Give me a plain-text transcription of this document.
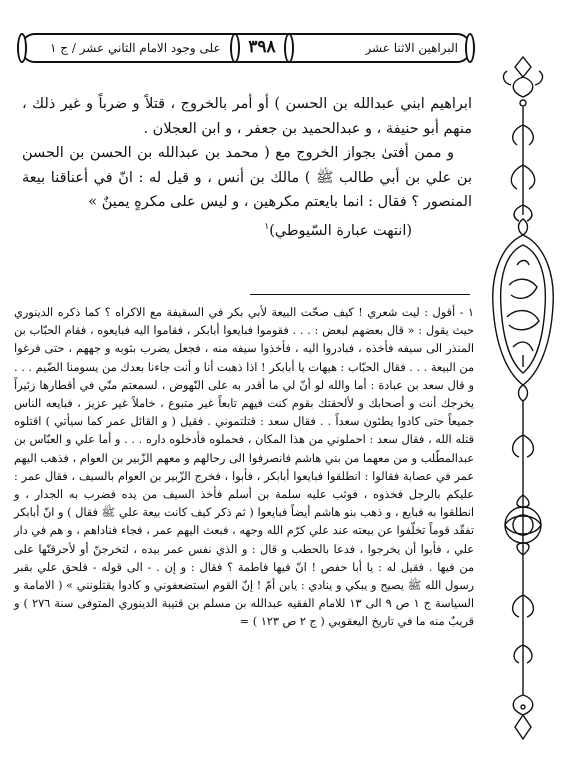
البراهين الاثنا عشر
٣٩٨
على وجود الامام الثاني عشر / ج ١

ابراهيم ابني عبدالله بن الحسن ) أو أمر بالخروج ، قتلاً و ضرباً و غير ذلك ، منهم أبو حنيفة ، و عبدالحميد بن جعفر ، و ابن العجلان .

و ممن أفتىٰ بجواز الخروج مع ( محمد بن عبدالله بن الحسن بن الحسن بن علي بن أبي طالب ﷺ ) مالك بن أنس ، و قيل له : انّ في أعناقنا بيعة المنصور ؟ فقال : انما بايعتم مكرهين ، و ليس على مكرهٍ يمينٌ »

(انتهت عبارة السّيوطي)$^١$

١ - أقول : ليت شعري ! كيف صحّت البيعة لأبي بكر في السقيفة مع الاكراه ؟ كما ذكره الدينوري حيث يقول : « قال بعضهم لبعض : . . . فقوموا فبايعوا أبابكر ، فقاموا اليه فبايعوه ، فقام الحبّاب بن المنذر الى سيفه فأخذه ، فبادروا اليه ، فأخذوا سيفه منه ، فجعل يضرب بثوبه و جههم ، حتى فرغوا من البيعة . . . فقال الحبّاب : هيهات يا أبابكر ! اذا ذهبت أنا و أنت جاءنا بعدك من يسومنا الضّيم . . . و قال سعد بن عبادة : أما والله لو أنّ لي ما أقدر به على النّهوض ، لسمعتم منّي في أقطارها زئيراً يخرجك أنت و أصحابك و لألحقتك بقوم كنت فيهم تابعاً غير متبوع ، خاملاً غير عزيز ، فبايعه الناس جميعاً حتى كادوا يطئون سعداً . . فقال سعد : قتلتموني . فقيل ( و القائل عمر كما سيأتي ) اقتلوه قتله الله ، فقال سعد : احملوني من هذا المكان ، فحملوه فأدخلوه داره . . . و أما علي و العبّاس بن عبدالمطّلب و من معهما من بني هاشم فانصرفوا الى رحالهم و معهم الزّبير بن العوام ، فذهب اليهم عمر في عصابة فقالوا : انطلقوا فبايعوا أبابكر ، فأبوا ، فخرج الزّبير بن العوام بالسيف ، فقال عمر : عليكم بالرجل فخذوه ، فوثب عليه سلمة بن أسلم فأخذ السيف من يده فضرب به الجدار ، و انطلقوا به فبايع ، و ذهب بنو هاشم أيضاً فبايعوا ( ثم ذكر كيف كانت بيعة علي ﷺ فقال ) و انّ أبابكر تفقّد قوماً تخلّفوا عن بيعته عند علي كرّم الله وجهه ، فبعث اليهم عمر ، فجاء فناداهم ، و هم في دار علي ، فأبوا أن يخرجوا ، فدعا بالحطب و قال : و الذي نفس عمر بيده ، لتخرجنّ أو لأحرقنّها على من فيها . فقيل له : يا أبا حفص ! انّ فيها فاطمة ؟ فقال : و إن . - الى قوله - فلحق علي بقبر رسول الله ﷺ يصيح و يبكي و ينادي : يابن أمّ ! إنّ القوم استضعفوني و كادوا يقتلونني » ( الامامة و السياسة ج ١ ص ٩ الى ١٣ للامام الفقيه عبدالله بن مسلم بن قتيبة الدينوري المتوفى سنة ٢٧٦ ) و قريبٌ منه ما في تاريخ اليعقوبي ( ج ٢ ص ١٢٣ ) =
